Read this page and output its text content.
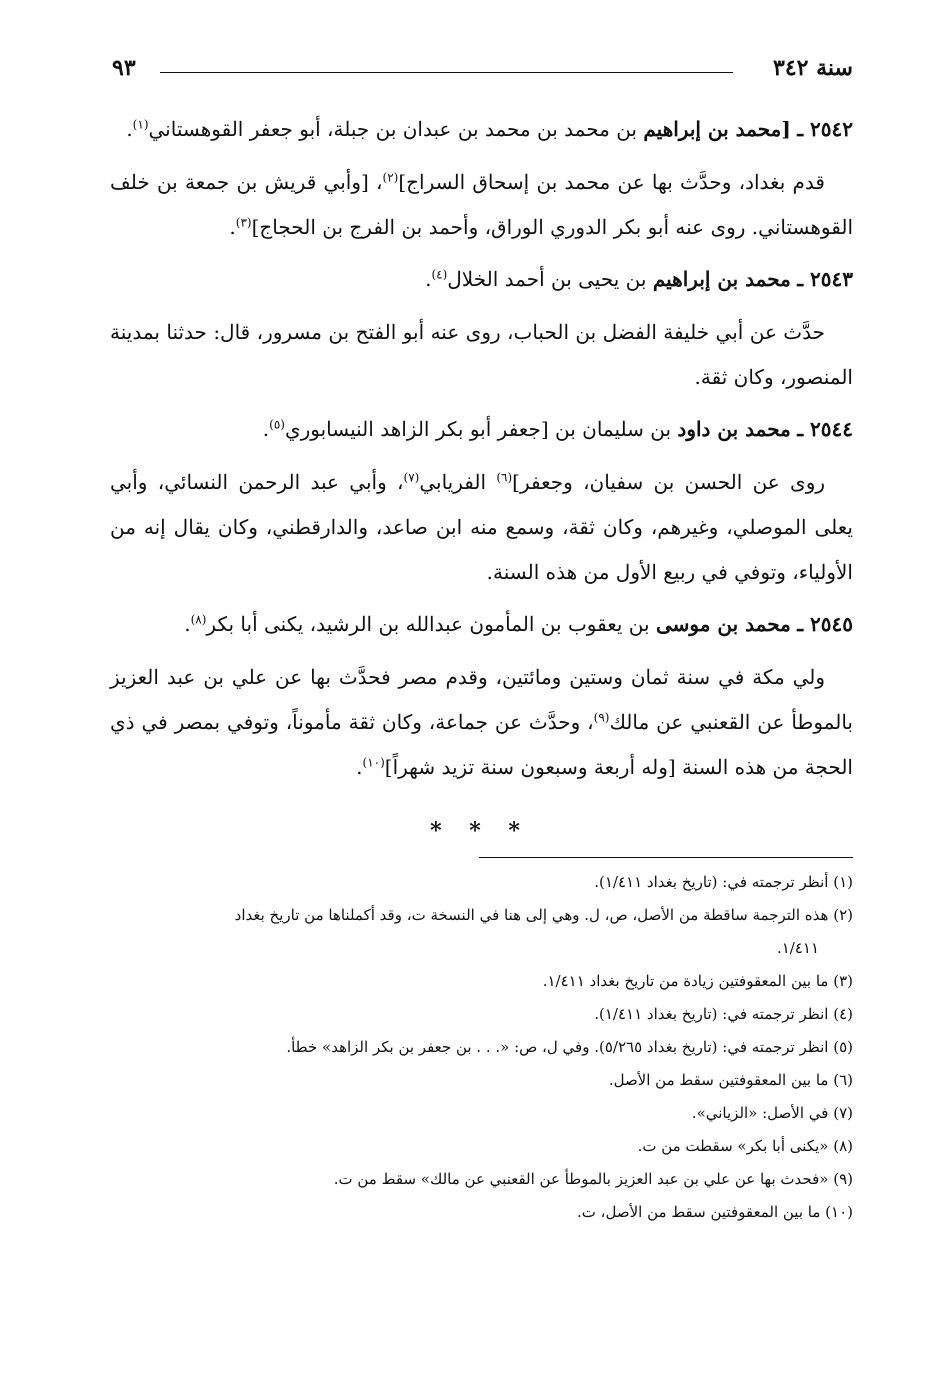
سنة ٣٤٢
٩٣

٢٥٤٢ ـ [محمد بن إبراهيم بن محمد بن محمد بن عبدان بن جبلة، أبو جعفر القوهستاني$^{(١)}$.

قدم بغداد، وحدَّث بها عن محمد بن إسحاق السراج]$^{(٢)}$، [وأبي قريش بن جمعة بن خلف القوهستاني. روى عنه أبو بكر الدوري الوراق، وأحمد بن الفرج بن الحجاج]$^{(٣)}$.

٢٥٤٣ ـ محمد بن إبراهيم بن يحيى بن أحمد الخلال$^{(٤)}$.

حدَّث عن أبي خليفة الفضل بن الحباب، روى عنه أبو الفتح بن مسرور، قال: حدثنا بمدينة المنصور، وكان ثقة.

٢٥٤٤ ـ محمد بن داود بن سليمان بن [جعفر أبو بكر الزاهد النيسابوري$^{(٥)}$.

روى عن الحسن بن سفيان، وجعفر]$^{(٦)}$ الفريابي$^{(٧)}$، وأبي عبد الرحمن النسائي، وأبي يعلى الموصلي، وغيرهم، وكان ثقة، وسمع منه ابن صاعد، والدارقطني، وكان يقال إنه من الأولياء، وتوفي في ربيع الأول من هذه السنة.

٢٥٤٥ ـ محمد بن موسى بن يعقوب بن المأمون عبدالله بن الرشيد، يكنى أبا بكر$^{(٨)}$.

ولي مكة في سنة ثمان وستين ومائتين، وقدم مصر فحدَّث بها عن علي بن عبد العزيز بالموطأ عن القعنبي عن مالك$^{(٩)}$، وحدَّث عن جماعة، وكان ثقة مأموناً، وتوفي بمصر في ذي الحجة من هذه السنة [وله أربعة وسبعون سنة تزيد شهراً]$^{(١٠)}$.

* * *

(١) أنظر ترجمته في: (تاريخ بغداد ١/٤١١).

(٢) هذه الترجمة ساقطة من الأصل، ص، ل. وهي إلى هنا في النسخة ت، وقد أكملناها من تاريخ بغداد
١/٤١١.

(٣) ما بين المعقوفتين زيادة من تاريخ بغداد ١/٤١١.

(٤) انظر ترجمته في: (تاريخ بغداد ١/٤١١).

(٥) انظر ترجمته في: (تاريخ بغداد ٥/٢٦٥). وفي ل، ص: «. . . بن جعفر بن بكر الزاهد» خطأ.

(٦) ما بين المعقوفتين سقط من الأصل.

(٧) في الأصل: «الزياني».

(٨) «يكنى أبا بكر» سقطت من ت.

(٩) «فحدث بها عن علي بن عبد العزيز بالموطأ عن القعنبي عن مالك» سقط من ت.

(١٠) ما بين المعقوفتين سقط من الأصل، ت.
